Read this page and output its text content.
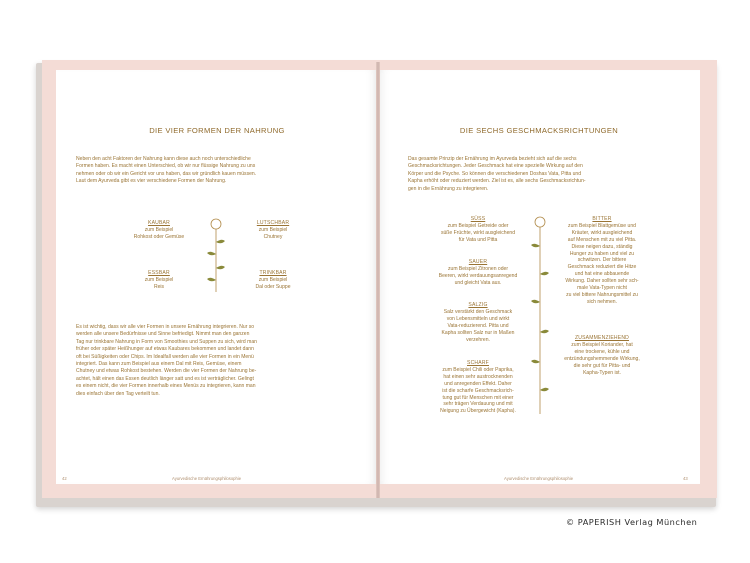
DIE VIER FORMEN DER NAHRUNG
Neben den acht Faktoren der Nahrung kann diese auch noch unterschiedliche
Formen haben. Es macht einen Unterschied, ob wir nur flüssige Nahrung zu uns
nehmen oder ob wir ein Gericht vor uns haben, das wir gründlich kauen müssen.
Laut dem Ayurveda gibt es vier verschiedene Formen der Nahrung.
KAUBAR
zum Beispiel
Rohkost oder Gemüse
LUTSCHBAR
zum Beispiel
Chutney
ESSBAR
zum Beispiel
Reis
TRINKBAR
zum Beispiel
Dal oder Suppe
Es ist wichtig, dass wir alle vier Formen in unsere Ernährung integrieren. Nur so
werden alle unsere Bedürfnisse und Sinne befriedigt. Nimmt man den ganzen
Tag nur trinkbare Nahrung in Form von Smoothies und Suppen zu sich, wird man
früher oder später Heißhunger auf etwas Kaubares bekommen und landet dann
oft bei Süßigkeiten oder Chips. Im Idealfall werden alle vier Formen in ein Menü
integriert. Das kann zum Beispiel aus einem Dal mit Reis, Gemüse, einem
Chutney und etwas Rohkost bestehen. Werden die vier Formen der Nahrung be-
achtet, hält einen das Essen deutlich länger satt und es ist verträglicher. Gelingt
es einem nicht, die vier Formen innerhalb eines Menüs zu integrieren, kann man
dies einfach über den Tag verteilt tun.
42	Ayurvedische Ernährungsphilosophie
DIE SECHS GESCHMACKSRICHTUNGEN
Das gesamte Prinzip der Ernährung im Ayurveda bezieht sich auf die sechs
Geschmacksrichtungen. Jeder Geschmack hat eine spezielle Wirkung auf den
Körper und die Psyche. So können die verschiedenen Doshas Vata, Pitta und
Kapha erhöht oder reduziert werden. Ziel ist es, alle sechs Geschmacksrichtun-
gen in die Ernährung zu integrieren.
SÜSS
zum Beispiel Getreide oder
süße Früchte, wirkt ausgleichend
für Vata und Pitta
SAUER
zum Beispiel Zitronen oder
Beeren, wirkt verdauungsanregend
und gleicht Vata aus.
SALZIG
Salz verstärkt den Geschmack
von Lebensmitteln und wirkt
Vata-reduzierend. Pitta und
Kapha sollten Salz nur in Maßen
verzehren.
SCHARF
zum Beispiel Chili oder Paprika,
hat einen sehr austrocknenden
und anregenden Effekt. Daher
ist die scharfe Geschmacksrich-
tung gut für Menschen mit einer
sehr trägen Verdauung und mit
Neigung zu Übergewicht (Kapha).
BITTER
zum Beispiel Blattgemüse und
Kräuter, wirkt ausgleichend
auf Menschen mit zu viel Pitta.
Diese neigen dazu, ständig
Hunger zu haben und viel zu
schwitzen. Der bittere
Geschmack reduziert die Hitze
und hat eine abbauende
Wirkung. Daher sollten sehr sch-
male Vata-Typen nicht
zu viel bittere Nahrungsmittel zu
sich nehmen.
ZUSAMMENZIEHEND
zum Beispiel Koriander, hat
eine trockene, kühle und
entzündungshemmende Wirkung,
die sehr gut für Pitta- und
Kapha-Typen ist.
Ayurvedische Ernährungsphilosophie	43
© PAPERISH Verlag München
